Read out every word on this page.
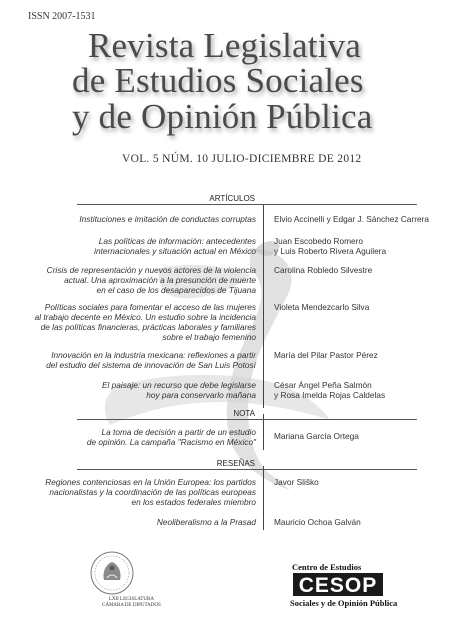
ISSN 2007-1531
Revista Legislativa
de Estudios Sociales
y de Opinión Pública
VOL. 5 NÚM. 10 JULIO-DICIEMBRE DE 2012
ARTÍCULOS
Instituciones e imitación de conductas corruptas Elvio Accinelli y Edgar J. Sánchez Carrera
Las políticas de información: antecedentes
internacionales y situación actual en México
Juan Escobedo Romero
y Luis Roberto Rivera Aguilera
Crisis de representación y nuevos actores de la violencia
actual. Una aproximación a la presunción de muerte
en el caso de los desaparecidos de Tijuana
Carolina Robledo Silvestre
Políticas sociales para fomentar el acceso de las mujeres
al trabajo decente en México. Un estudio sobre la incidencia
de las políticas financieras, prácticas laborales y familiares
sobre el trabajo femenino
Violeta Mendezcarlo Silva
Innovación en la industria mexicana: reflexiones a partir
del estudio del sistema de innovación de San Luis Potosí
María del Pilar Pastor Pérez
El paisaje: un recurso que debe legislarse
hoy para conservarlo mañana
César Ángel Peña Salmón
y Rosa Imelda Rojas Caldelas
NOTA
La toma de decisión a partir de un estudio
de opinión. La campaña "Racismo en México"
Mariana García Ortega
RESEÑAS
Regiones contenciosas en la Unión Europea: los partidos
nacionalistas y la coordinación de las políticas europeas
en los estados federales miembro
Javor Sliško
Neoliberalismo a la Prasad Mauricio Ochoa Galván
LXII LEGISLATURA
CÁMARA DE DIPUTADOS
Centro de Estudios
CESOP
Sociales y de Opinión Pública
